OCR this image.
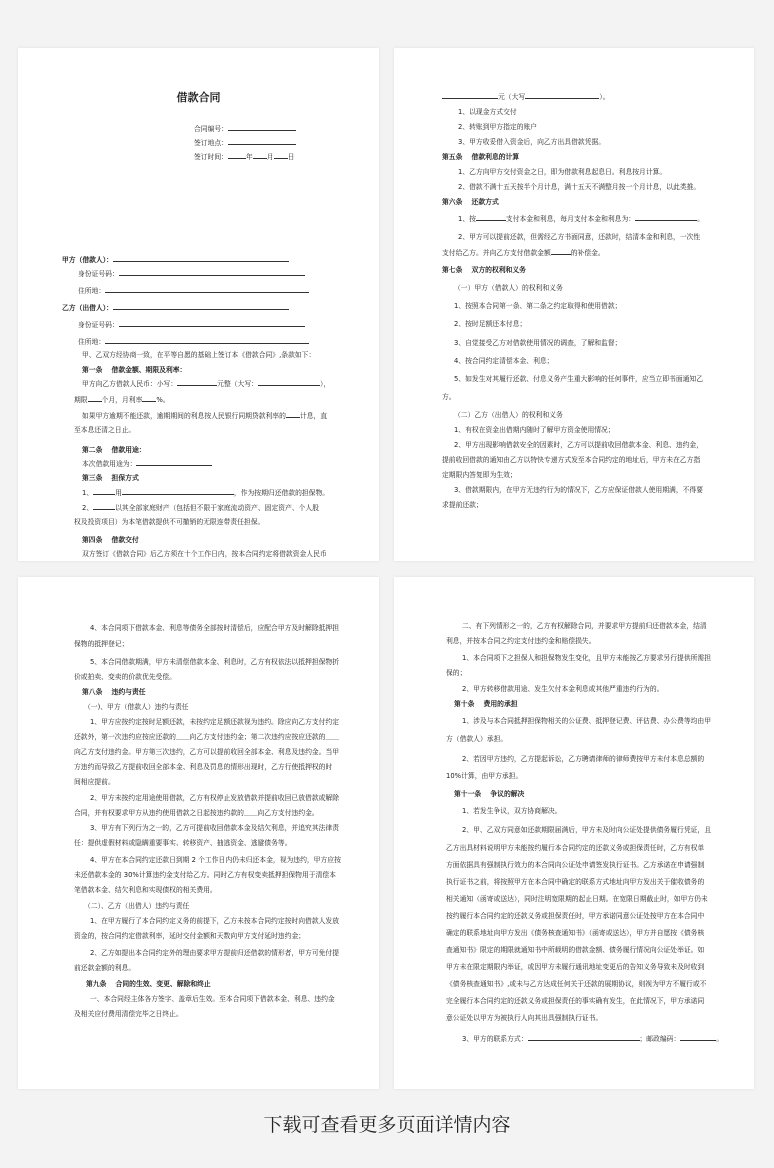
借款合同
合同编号：
签订地点：
签订时间：	年 月 日
甲方（借款人）：
身份证号码：
住所地：
乙方（出借人）：
身份证号码：
住所地：
甲、乙双方经协商一致，在平等自愿的基础上签订本《借款合同》,条款如下：
第一条　 借款金额、期限及利率：
甲方向乙方借款人民币：小写：	元整（大写：	），
期限 个月，月利率 %。
如果甲方逾期不能还款，逾期期间的利息按人民银行同期贷款利率的 计息，直
至本息还清之日止。
第二条　 借款用途：
本次借款用途为：
第三条　 担保方式
1、	用	，作为按期归还借款的担保物。
2、	以其全部家庭财产（包括但不限于家庭流动资产、固定资产、个人股
权及投资项目）为本笔借款提供不可撤销的无限连带责任担保。
第四条　 借款交付
双方签订《借款合同》后乙方须在十个工作日内，按本合同约定将借款资金人民币
元（大写	）。
1、以现金方式交付
2、转账到甲方指定的账户
3、甲方收妥借入资金后，向乙方出具借款凭据。
第五条　 借款利息的计算
1、乙方向甲方交付资金之日，即为借款利息起息日。利息按月计算。
2、借款不满十五天按半个月计息，满十五天不满整月按一个月计息，以此类推。
第六条　 还款方式
1、按	支付本金和利息，每月支付本金和利息为：	。
2、甲方可以提前还款，但需经乙方书面同意，还款时，结清本金和利息，一次性
支付给乙方。并向乙方支付借款金额	的补偿金。
第七条　 双方的权利和义务
（一）甲方（借款人）的权利和义务
1、按照本合同第一条、第二条之约定取得和使用借款；
2、按时足额还本付息；
3、自觉接受乙方对借款使用情况的调查，了解和监督；
4、按合同约定清偿本金、利息；
5、如发生对其履行还款、付息义务产生重大影响的任何事件，应当立即书面通知乙
方。
（二）乙方（出借人）的权利和义务
1、有权在资金出借期内随时了解甲方资金使用情况；
2、甲方出现影响借款安全的因素时，乙方可以提前收回借款本金、利息、违约金，
提前收回借款的通知由乙方以特快专递方式发至本合同约定的地址后，甲方未在乙方指
定期限内答复即为生效；
3、借款期限内，在甲方无违约行为的情况下，乙方应保证借款人使用期满，不得要
求提前还款；
4、本合同项下借款本金、利息等债务全部按时清偿后，应配合甲方及时解除抵押担
保物的抵押登记；
5、本合同借款期满，甲方未清偿借款本金、利息时，乙方有权依法以抵押担保物折
价或拍卖、变卖的价款优先受偿。
第八条　 违约与责任
（一)、甲方（借款人）违约与责任
1、甲方应按约定按时足额还款，未按约定足额还款视为违约。除应向乙方支付约定
还款外，第一次违约应按应还款的＿＿向乙方支付违约金；第二次违约应按应还款的＿＿
向乙方支付违约金。甲方第三次违约，乙方可以提前收回全部本金、利息及违约金。当甲
方违约而导致乙方提前收回全部本金、利息及罚息的情形出现时，乙方行使抵押权的时
间相应提前。
2、甲方未按约定用途使用借款，乙方有权停止发放借款并提前收回已放借款或解除
合同，并有权要求甲方从违约使用借款之日起按违约款的＿＿向乙方支付违约金。
3、甲方有下列行为之一的，乙方可提前收回借款本金及结欠利息，并追究其法律责
任：提供虚假材料或隐瞒重要事实、转移资产、抽逃资金、逃避债务等。
4、甲方在本合同约定还款日到期 2 个工作日内仍未归还本金，视为违约，甲方应按
未还借款本金的 30%计算违约金支付给乙方。同时乙方有权变卖抵押担保物用于清偿本
笔借款本金、结欠利息和实现债权的相关费用。
（二）、乙方（出借人）违约与责任
1、在甲方履行了本合同约定义务的前提下，乙方未按本合同约定按时向借款人发放
资金的，按合同约定借款利率，延时交付金额和天数向甲方支付延时违约金；
2、乙方如提出本合同约定外的理由要求甲方提前归还借款的情形者，甲方可免付提
前还款金额的利息。
第九条　 合同的生效、变更、解除和终止
一、本合同经主体各方签字、盖章后生效。至本合同项下借款本金、利息、违约金
及相关应付费用清偿完毕之日终止。
二、有下列情形之一的，乙方有权解除合同，并要求甲方提前归还借款本金，结清
利息，并按本合同之约定支付违约金和赔偿损失。
1、本合同项下之担保人和担保物发生变化，且甲方未能按乙方要求另行提供所需担
保的；
2、甲方转移借款用途、发生欠付本金利息或其他严重违约行为的。
第十条　 费用的承担
1、涉及与本合同抵押担保物相关的公证费、抵押登记费、评估费、办公费等均由甲
方（借款人）承担。
2、若因甲方违约，乙方提起诉讼，乙方聘请律师的律师费按甲方未付本息总额的
10%计算，由甲方承担。
第十一条　 争议的解决
1、若发生争议，双方协商解决。
2、甲、乙双方同意如还款期限届满后，甲方未及时向公证处提供债务履行凭证，且
乙方出具材料说明甲方未能按约履行本合同约定的还款义务或担保责任时，乙方有权单
方面依据具有强制执行效力的本合同向公证处申请签发执行证书。乙方承诺在申请强制
执行证书之前，将按照甲方在本合同中确定的联系方式地址向甲方发出关于催收债务的
相关通知（函寄或送达），同时注明宽限期的起止日期。在宽限日期截止时，如甲方仍未
按约履行本合同约定的还款义务或担保责任时，甲方承诺同意公证处按甲方在本合同中
确定的联系地址向甲方发出《债务核查通知书》（函寄或送达），甲方并自愿按《债务核
查通知书》限定的期限就通知书中所载明的借款金额、债务履行情况向公证处举证。如
甲方未在限定期限内举证，或因甲方未履行通讯地址变更后的告知义务导致未及时收到
《债务核查通知书》,或未与乙方达成任何关于还款的展期协议，则视为甲方不履行或不
完全履行本合同约定的还款义务或担保责任的事实确有发生，在此情况下，甲方承诺同
意公证处以甲方为被执行人向其出具强制执行证书。
3、甲方的联系方式：	；邮政编码：	。
下载可查看更多页面详情内容
